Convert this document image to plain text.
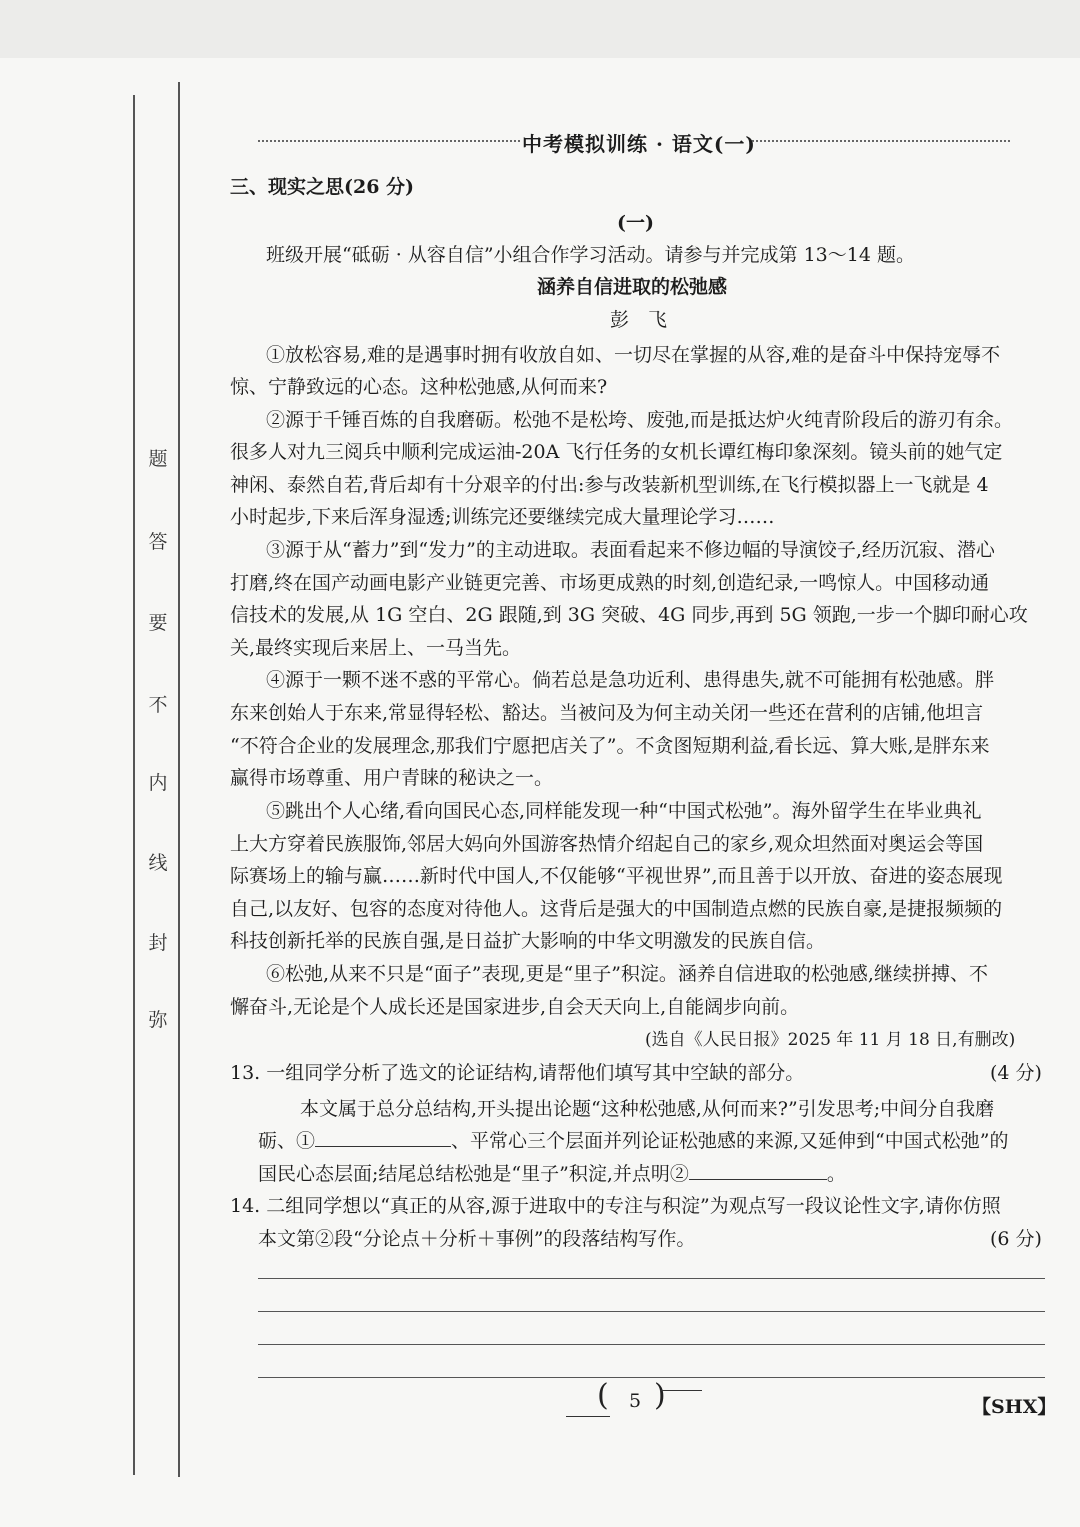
弥
封
线
内
不
要
答
题
中考模拟训练 · 语文(一)
三、现实之思(26 分)
(一)
班级开展“砥砺 · 从容自信”小组合作学习活动。请参与并完成第 13～14 题。
涵养自信进取的松弛感
彭　飞
①放松容易,难的是遇事时拥有收放自如、一切尽在掌握的从容,难的是奋斗中保持宠辱不
惊、宁静致远的心态。这种松弛感,从何而来?
②源于千锤百炼的自我磨砺。松弛不是松垮、废弛,而是抵达炉火纯青阶段后的游刃有余。
很多人对九三阅兵中顺利完成运油-20A 飞行任务的女机长谭红梅印象深刻。镜头前的她气定
神闲、泰然自若,背后却有十分艰辛的付出:参与改装新机型训练,在飞行模拟器上一飞就是 4
小时起步,下来后浑身湿透;训练完还要继续完成大量理论学习……
③源于从“蓄力”到“发力”的主动进取。表面看起来不修边幅的导演饺子,经历沉寂、潜心
打磨,终在国产动画电影产业链更完善、市场更成熟的时刻,创造纪录,一鸣惊人。中国移动通
信技术的发展,从 1G 空白、2G 跟随,到 3G 突破、4G 同步,再到 5G 领跑,一步一个脚印耐心攻
关,最终实现后来居上、一马当先。
④源于一颗不迷不惑的平常心。倘若总是急功近利、患得患失,就不可能拥有松弛感。胖
东来创始人于东来,常显得轻松、豁达。当被问及为何主动关闭一些还在营利的店铺,他坦言
“不符合企业的发展理念,那我们宁愿把店关了”。不贪图短期利益,看长远、算大账,是胖东来
赢得市场尊重、用户青睐的秘诀之一。
⑤跳出个人心绪,看向国民心态,同样能发现一种“中国式松弛”。海外留学生在毕业典礼
上大方穿着民族服饰,邻居大妈向外国游客热情介绍起自己的家乡,观众坦然面对奥运会等国
际赛场上的输与赢……新时代中国人,不仅能够“平视世界”,而且善于以开放、奋进的姿态展现
自己,以友好、包容的态度对待他人。这背后是强大的中国制造点燃的民族自豪,是捷报频频的
科技创新托举的民族自强,是日益扩大影响的中华文明激发的民族自信。
⑥松弛,从来不只是“面子”表现,更是“里子”积淀。涵养自信进取的松弛感,继续拼搏、不
懈奋斗,无论是个人成长还是国家进步,自会天天向上,自能阔步向前。
(选自《人民日报》2025 年 11 月 18 日,有删改)
13. 一组同学分析了选文的论证结构,请帮他们填写其中空缺的部分。	(4 分)
本文属于总分总结构,开头提出论题“这种松弛感,从何而来?”引发思考;中间分自我磨
砺、①	、平常心三个层面并列论证松弛感的来源,又延伸到“中国式松弛”的
国民心态层面;结尾总结松弛是“里子”积淀,并点明②	。
14. 二组同学想以“真正的从容,源于进取中的专注与积淀”为观点写一段议论性文字,请你仿照
本文第②段“分论点＋分析＋事例”的段落结构写作。	(6 分)
(	5 )	【SHX】
